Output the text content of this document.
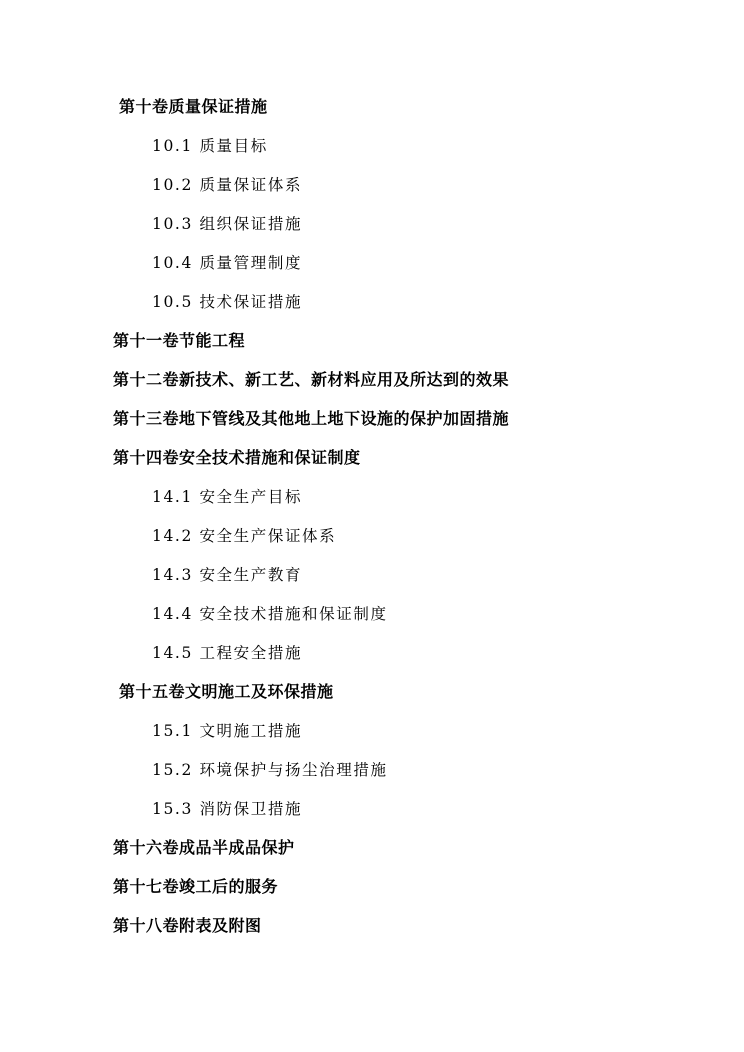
第十卷质量保证措施
10.1 质量目标
10.2 质量保证体系
10.3 组织保证措施
10.4 质量管理制度
10.5 技术保证措施
第十一卷节能工程
第十二卷新技术、新工艺、新材料应用及所达到的效果
第十三卷地下管线及其他地上地下设施的保护加固措施
第十四卷安全技术措施和保证制度
14.1 安全生产目标
14.2 安全生产保证体系
14.3 安全生产教育
14.4 安全技术措施和保证制度
14.5 工程安全措施
第十五卷文明施工及环保措施
15.1 文明施工措施
15.2 环境保护与扬尘治理措施
15.3 消防保卫措施
第十六卷成品半成品保护
第十七卷竣工后的服务
第十八卷附表及附图
